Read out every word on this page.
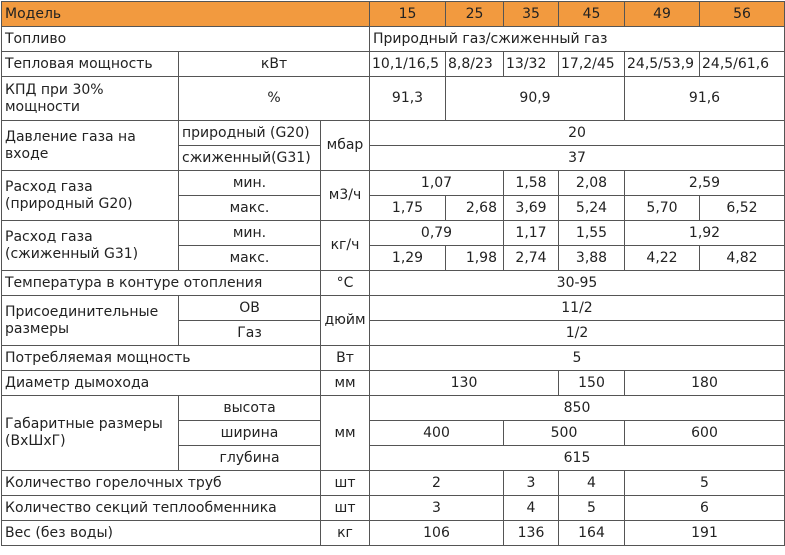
Модель			15	25	35	45	49	56
Топливо			Природный газ/сжиженный газ					
Тепловая мощность	кВт		10,1/16,5	8,8/23	13/32	17,2/45	24,5/53,9	24,5/61,6
КПД при 30% мощности	%		91,3	90,9			91,6	
Давление газа на входе	природный (G20)	мбар	20					
	сжиженный(G31)		37					
Расход газа (природный G20)	мин.	м3/ч	1,07		1,58	2,08	2,59	
	макс.		1,75	2,68	3,69	5,24	5,70	6,52
Расход газа (сжиженный G31)	мин.	кг/ч	0,79		1,17	1,55	1,92	
	макс.		1,29	1,98	2,74	3,88	4,22	4,82
Температура в контуре отопления		°C	30-95					
Присоединительные размеры	ОВ	дюйм	11/2					
	Газ		1/2					
Потребляемая мощность		Вт	5					
Диаметр дымохода		мм	130			150	180	
Габаритные размеры (ВхШхГ)	высота	мм	850					
	ширина		400		500		600	
	глубина		615					
Количество горелочных труб		шт	2		3	4	5	
Количество секций теплообменника		шт	3		4	5	6	
Вес (без воды)		кг	106		136	164	191	
